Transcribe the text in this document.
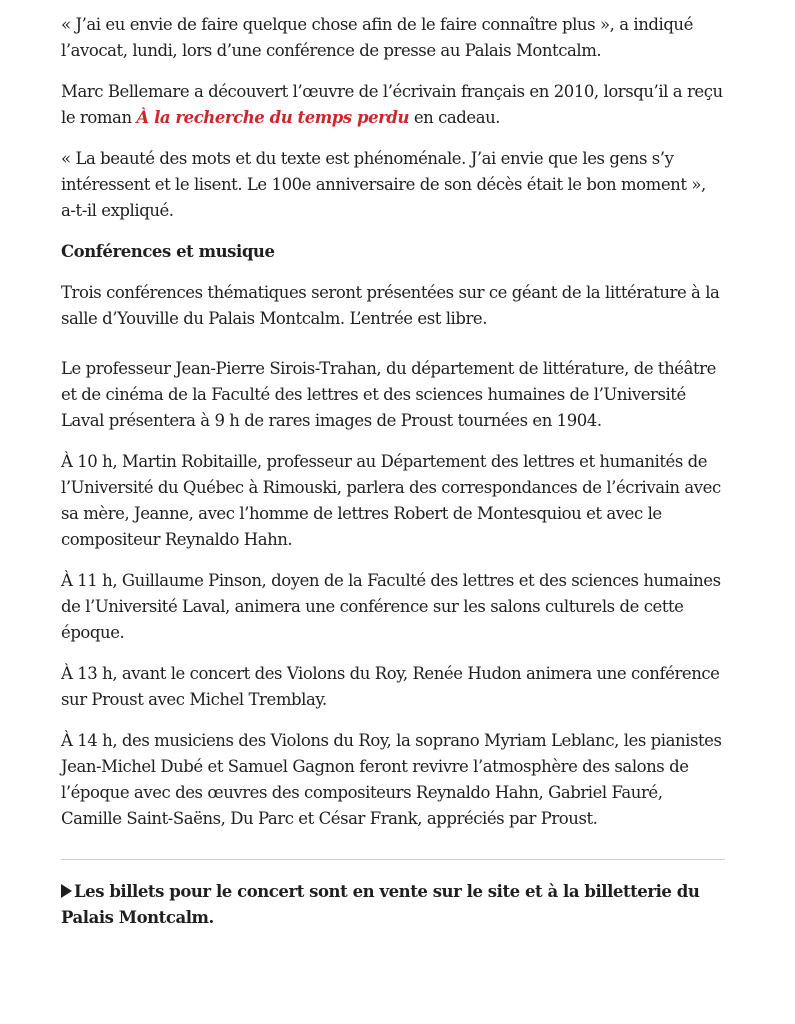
« J’ai eu envie de faire quelque chose afin de le faire connaître plus », a indiqué l’avocat, lundi, lors d’une conférence de presse au Palais Montcalm.

Marc Bellemare a découvert l’œuvre de l’écrivain français en 2010, lorsqu’il a reçu le roman À la recherche du temps perdu en cadeau.

« La beauté des mots et du texte est phénoménale. J’ai envie que les gens s’y intéressent et le lisent. Le 100e anniversaire de son décès était le bon moment », a-t-il expliqué.

Conférences et musique

Trois conférences thématiques seront présentées sur ce géant de la littérature à la salle d’Youville du Palais Montcalm. L’entrée est libre.

Le professeur Jean-Pierre Sirois-Trahan, du département de littérature, de théâtre et de cinéma de la Faculté des lettres et des sciences humaines de l’Université Laval présentera à 9 h de rares images de Proust tournées en 1904.

À 10 h, Martin Robitaille, professeur au Département des lettres et humanités de l’Université du Québec à Rimouski, parlera des correspondances de l’écrivain avec sa mère, Jeanne, avec l’homme de lettres Robert de Montesquiou et avec le compositeur Reynaldo Hahn.

À 11 h, Guillaume Pinson, doyen de la Faculté des lettres et des sciences humaines de l’Université Laval, animera une conférence sur les salons culturels de cette époque.

À 13 h, avant le concert des Violons du Roy, Renée Hudon animera une conférence sur Proust avec Michel Tremblay.

À 14 h, des musiciens des Violons du Roy, la soprano Myriam Leblanc, les pianistes Jean-Michel Dubé et Samuel Gagnon feront revivre l’atmosphère des salons de l’époque avec des œuvres des compositeurs Reynaldo Hahn, Gabriel Fauré, Camille Saint-Saëns, Du Parc et César Frank, appréciés par Proust.

Les billets pour le concert sont en vente sur le site et à la billetterie du Palais Montcalm.
